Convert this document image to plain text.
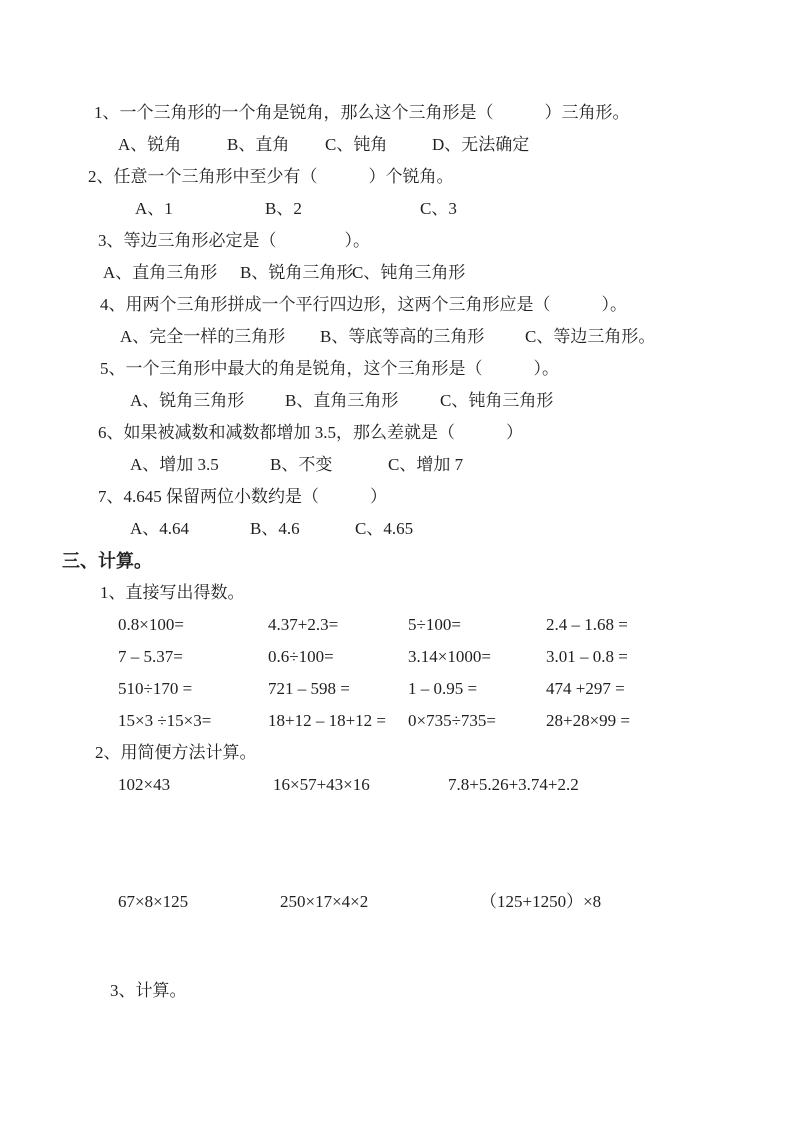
1、一个三角形的一个角是锐角，那么这个三角形是（　　　）三角形。
A、锐角	B、直角	C、钝角	D、无法确定
2、任意一个三角形中至少有（　　　）个锐角。
A、1	B、2	C、3
3、等边三角形必定是（　　　　）。
A、直角三角形	B、锐角三角形
C、钝角三角形
4、用两个三角形拼成一个平行四边形，这两个三角形应是（　　　）。
A、完全一样的三角形	B、等底等高的三角形	C、等边三角形。
5、一个三角形中最大的角是锐角，这个三角形是（　　　）。
A、锐角三角形	B、直角三角形	C、钝角三角形
6、如果被减数和减数都增加 3.5，那么差就是（　　　）
A、增加 3.5	B、不变	C、增加 7
7、4.645 保留两位小数约是（　　　）
A、4.64	B、4.6	C、4.65
三、计算。
1、直接写出得数。
0.8×100=	4.37+2.3=	5÷100=	2.4 – 1.68 =
7 – 5.37=	0.6÷100=	3.14×1000=	3.01 – 0.8 =
510÷170 =	721 – 598 =	1 – 0.95 =	474 +297 =
15×3 ÷15×3=	18+12 – 18+12 =	0×735÷735=	28+28×99 =
2、用简便方法计算。
102×43	16×57+43×16	7.8+5.26+3.74+2.2
67×8×125	250×17×4×2	（125+1250）×8
3、计算。
